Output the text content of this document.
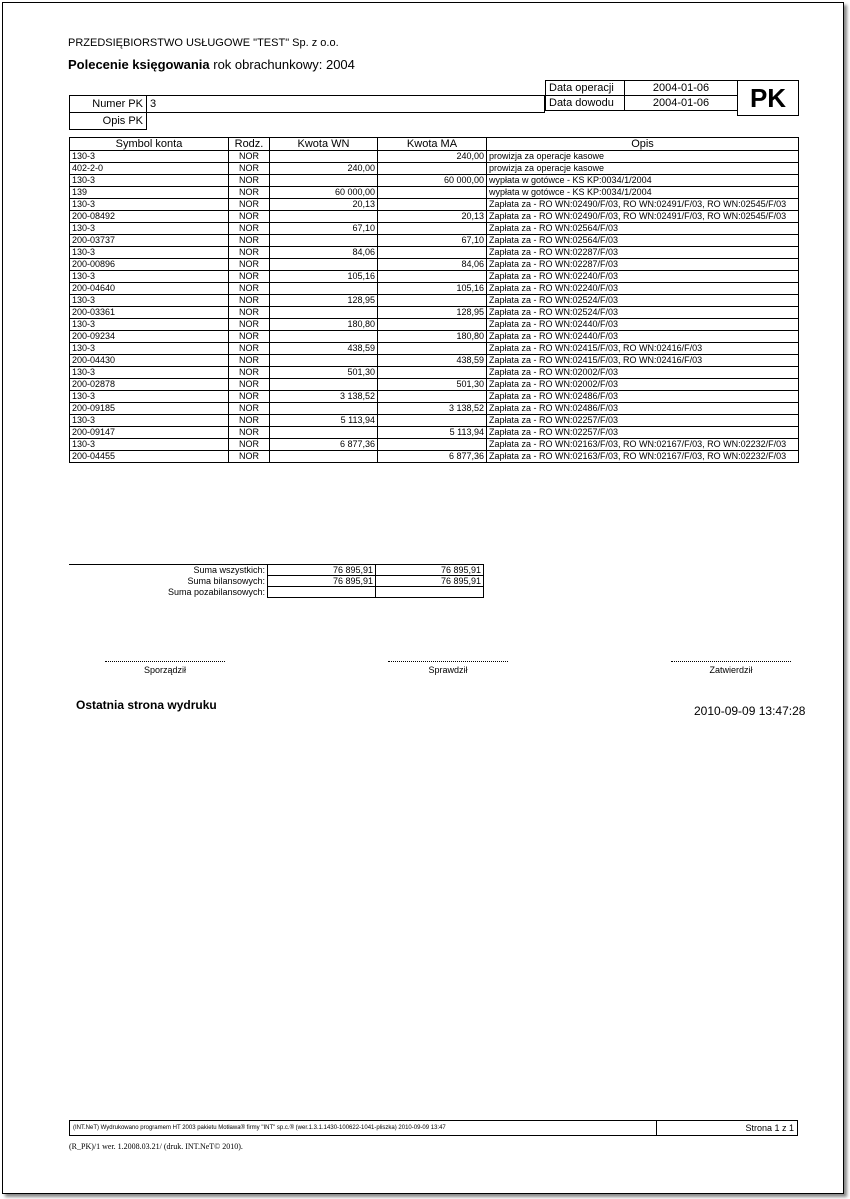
PRZEDSIĘBIORSTWO USŁUGOWE "TEST" Sp. z o.o.
Polecenie księgowania rok obrachunkowy: 2004
Data operacji	2004-01-06
Data dowodu	2004-01-06	PK
Numer PK	3
Opis PK	
Symbol konta	Rodz.	Kwota WN	Kwota MA	Opis
130-3	NOR		240,00	prowizja za operacje kasowe
402-2-0	NOR	240,00		prowizja za operacje kasowe
130-3	NOR		60 000,00	wypłata w gotówce - KS KP:0034/1/2004
139	NOR	60 000,00		wypłata w gotówce - KS KP:0034/1/2004
130-3	NOR	20,13		Zapłata za - RO WN:02490/F/03, RO WN:02491/F/03, RO WN:02545/F/03
200-08492	NOR		20,13	Zapłata za - RO WN:02490/F/03, RO WN:02491/F/03, RO WN:02545/F/03
130-3	NOR	67,10		Zapłata za - RO WN:02564/F/03
200-03737	NOR		67,10	Zapłata za - RO WN:02564/F/03
130-3	NOR	84,06		Zapłata za - RO WN:02287/F/03
200-00896	NOR		84,06	Zapłata za - RO WN:02287/F/03
130-3	NOR	105,16		Zapłata za - RO WN:02240/F/03
200-04640	NOR		105,16	Zapłata za - RO WN:02240/F/03
130-3	NOR	128,95		Zapłata za - RO WN:02524/F/03
200-03361	NOR		128,95	Zapłata za - RO WN:02524/F/03
130-3	NOR	180,80		Zapłata za - RO WN:02440/F/03
200-09234	NOR		180,80	Zapłata za - RO WN:02440/F/03
130-3	NOR	438,59		Zapłata za - RO WN:02415/F/03, RO WN:02416/F/03
200-04430	NOR		438,59	Zapłata za - RO WN:02415/F/03, RO WN:02416/F/03
130-3	NOR	501,30		Zapłata za - RO WN:02002/F/03
200-02878	NOR		501,30	Zapłata za - RO WN:02002/F/03
130-3	NOR	3 138,52		Zapłata za - RO WN:02486/F/03
200-09185	NOR		3 138,52	Zapłata za - RO WN:02486/F/03
130-3	NOR	5 113,94		Zapłata za - RO WN:02257/F/03
200-09147	NOR		5 113,94	Zapłata za - RO WN:02257/F/03
130-3	NOR	6 877,36		Zapłata za - RO WN:02163/F/03, RO WN:02167/F/03, RO WN:02232/F/03
200-04455	NOR		6 877,36	Zapłata za - RO WN:02163/F/03, RO WN:02167/F/03, RO WN:02232/F/03
Suma wszystkich:	76 895,91	76 895,91
Suma bilansowych:	76 895,91	76 895,91
Suma pozabilansowych:		
Sporządził	Sprawdził	Zatwierdził
Ostatnia strona wydruku	2010-09-09 13:47:28
(INT.NeT) Wydrukowano programem HT 2003 pakietu Motława® firmy "INT" sp.c.® (wer.1.3.1.1430-100622-1041-pliszka) 2010-09-09 13:47	Strona 1 z 1
(R_PK)/1 wer. 1.2008.03.21/ (druk. INT.NeT© 2010).
